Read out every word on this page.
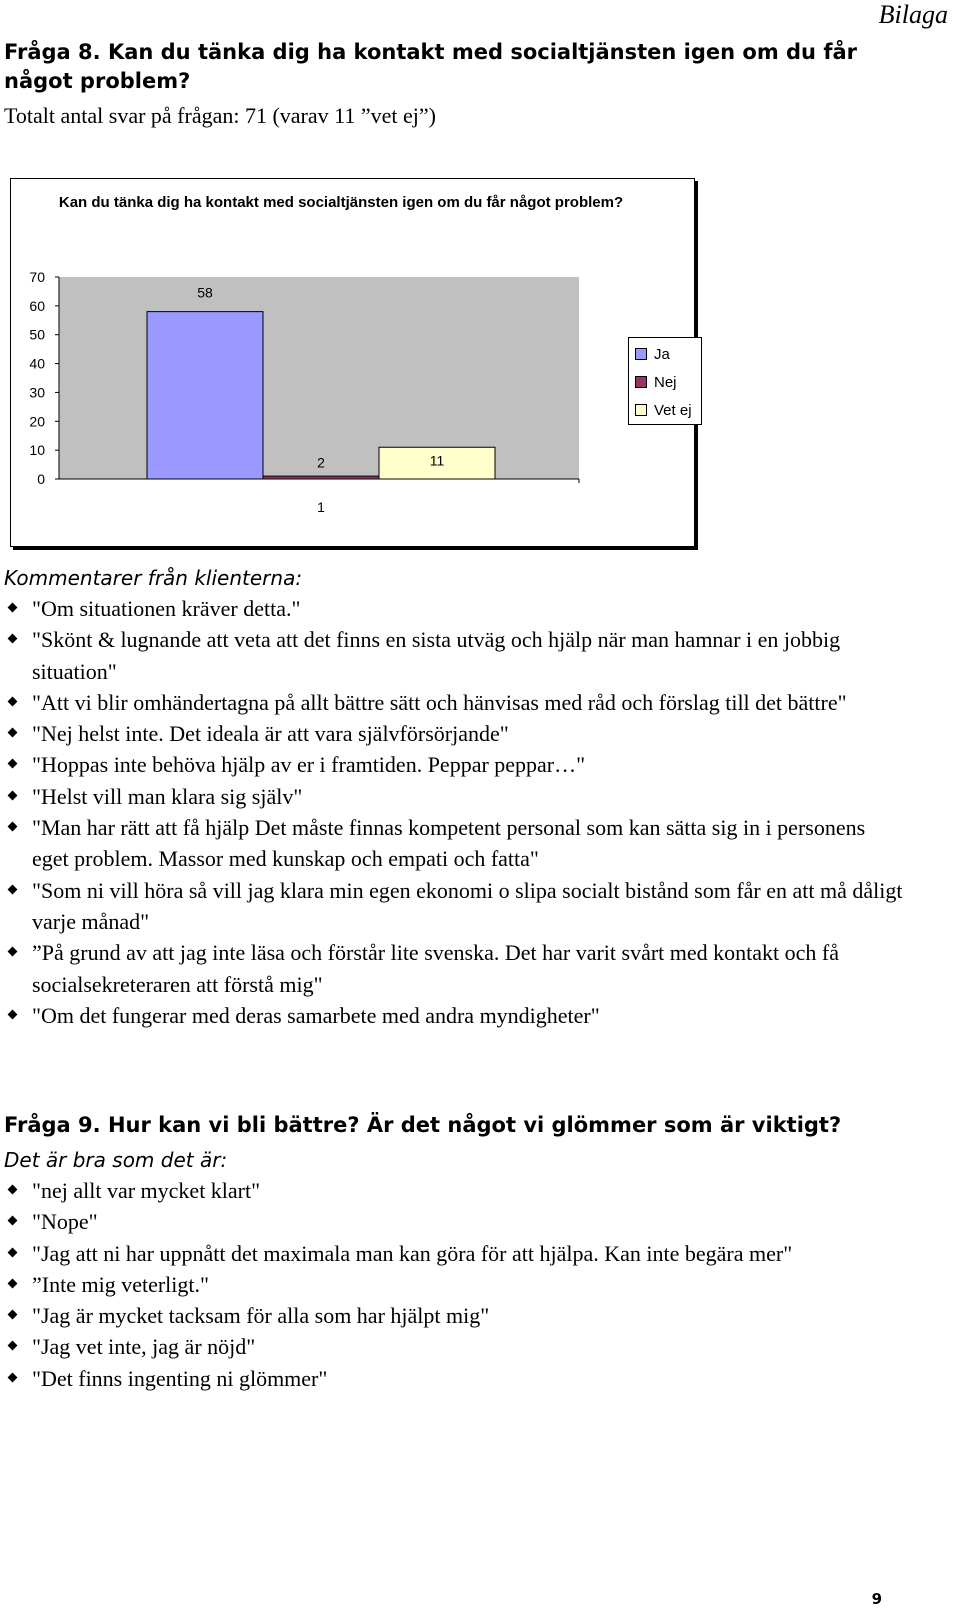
Bilaga
Fråga 8. Kan du tänka dig ha kontakt med socialtjänsten igen om du får något problem?
Totalt antal svar på frågan: 71 (varav 11 ”vet ej”)
Kan du tänka dig ha kontakt med socialtjänsten igen om du får något problem?
70
60
50
40
30
20
10
0
58
2	11
1
Ja
Nej
Vet ej
Kommentarer från klienterna:
"Om situationen kräver detta."
"Skönt & lugnande att veta att det finns en sista utväg och hjälp när man hamnar i en jobbig situation"
"Att vi blir omhändertagna på allt bättre sätt och hänvisas med råd och förslag till det bättre"
"Nej helst inte. Det ideala är att vara självförsörjande"
"Hoppas inte behöva hjälp av er i framtiden. Peppar peppar…"
"Helst vill man klara sig själv"
"Man har rätt att få hjälp Det måste finnas kompetent personal som kan sätta sig in i personens eget problem. Massor med kunskap och empati och fatta"
"Som ni vill höra så vill jag klara min egen ekonomi o slipa socialt bistånd som får en att må dåligt varje månad"
”På grund av att jag inte läsa och förstår lite svenska. Det har varit svårt med kontakt och få socialsekreteraren att förstå mig"
"Om det fungerar med deras samarbete med andra myndigheter"
Fråga 9. Hur kan vi bli bättre? Är det något vi glömmer som är viktigt?
Det är bra som det är:
"nej allt var mycket klart"
"Nope"
"Jag att ni har uppnått det maximala man kan göra för att hjälpa. Kan inte begära mer"
”Inte mig veterligt."
"Jag är mycket tacksam för alla som har hjälpt mig"
"Jag vet inte, jag är nöjd"
"Det finns ingenting ni glömmer"
9
